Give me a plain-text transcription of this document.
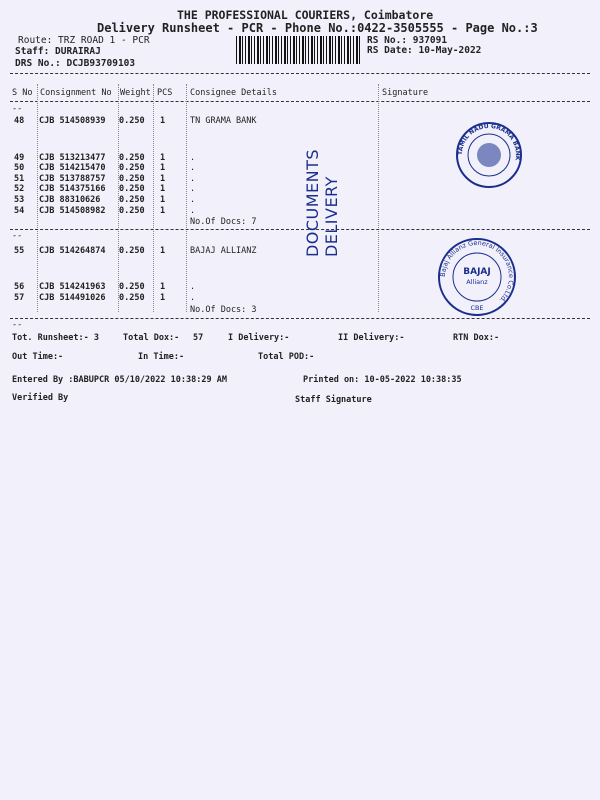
THE PROFESSIONAL COURIERS, Coimbatore
Delivery Runsheet - PCR - Phone No.:0422-3505555 - Page No.:3
Route: TRZ ROAD 1 - PCR
Staff: DURAIRAJ
DRS No.: DCJB93709103
RS No.: 937091
RS Date: 10-May-2022
S No Consignment No Weight PCS Consignee Details	Signature
--
48 CJB 514508939 0.250 1	TN GRAMA BANK
49 CJB 513213477 0.250 1	.
50 CJB 514215470 0.250 1	.
51 CJB 513788757 0.250 1	.
52 CJB 514375166 0.250 1	.
53 CJB 88310626 0.250 1	.
54 CJB 514508982 0.250 1	.
No.Of Docs: 7
--
55 CJB 514264874 0.250 1	BAJAJ ALLIANZ
56 CJB 514241963 0.250 1	.
57 CJB 514491026 0.250 1	.
No.Of Docs: 3
--
DOCUMENTS DELIVERY
TAMIL NADU GRAMA BANK
Bajaj Allianz General Insurance Co.Ltd.
BAJAJ
Allianz
CBE
Tot. Runsheet:- 3	Total Dox:- 57	I Delivery:-	II Delivery:-	RTN Dox:-
Out Time:-	In Time:-	Total POD:-
Entered By :BABUPCR 05/10/2022 10:38:29 AM	Printed on: 10-05-2022 10:38:35
Verified By	Staff Signature
